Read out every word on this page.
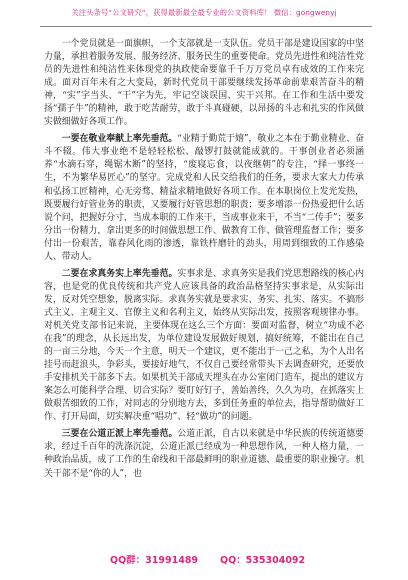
关注头条号“公文研究”，获得最新最全最专业的公文资料库！ 微信：gongwenyj

一个党员就是一面旗帜，一个支部就是一支队伍。党员干部是建设国家的中坚力量，承担着服务发展、服务经济、服务民生的重要使命。党员先进性和纯洁性党员的先进性和纯洁性来体现党的执政使命要靠千千万万党员卓有成效的工作来完成。面对百年未有之大变局，新时代党员干部要继续发扬革命前辈艰苦奋斗的精神，“实”字当头、“干”字为先，牢记空谈误国、实干兴邦。在工作和生活中要发扬“孺子牛”的精神，敢于吃苦耐劳，敢于斗真碰硬，以昂扬的斗志和扎实的作风做实做细做好各项工作。

一要在敬业奉献上率先垂范。“业精于勤荒于嬉”，敬业之本在于勤业精业、奋斗不辍。伟大事业绝不是轻轻松松、敲锣打鼓就能成就的。干事创业者必须涵养“水滴石穿，绳锯木断”的坚持，“废寝忘食，以夜继朝”的专注，“择一事终一生，不为繁华易匠心”的坚守。完成党和人民交给我们的任务，要求大家大力传承和弘扬工匠精神，心无旁骛、精益求精地做好各项工作。在本职岗位上发光发热，既要履行好管业务的职责，又要履行好管思想的职责；要多增添一份热爱把什么话说个问，把握好分寸，当成本职的工作来干，当成事业来干，不当“二传手”；要多分出一份精力，拿出更多的时间做思想工作、做教育工作、做管理监督工作；要多付出一份艰苦，靠春风化雨的渗透，靠铁杵磨针的劲头，用周到细致的工作感染人、带动人。

二要在求真务实上率先垂范。实事求是、求真务实是我们党思想路线的核心内容，也是党的优良传统和共产党人应该具备的政治品格坚持实事求是，从实际出发，反对凭空想象，脱离实际。求真务实就是要求实、务实、扎实、落实。不搞形式主义、主观主义、官僚主义和名利主义，始终从实际出发，按照客观规律办事。对机关党支部书记来说，主要体现在这么三个方面：要面对监督，树立“功成不必在我”的理念，从长远出发，为单位建设发展做好规划，搞好统筹，不能出在自己的一亩三分地，今天一个主意，明天一个建议，更不能出于一己之私，为个人出名挂号而赶浪头，争彩头，要接好地气，不仅自己要经常带头下去调查研究，还要放手安排机关干部多下去。如果机关干部成天埋头在办公室闭门造车，提出的建议方案怎么可能科学合理、切合实际？要盯好钉子，善始善终，久久为功，在抓落实上做艰苦细致的工作，对同志的分别地方去，多到任务重的单位去，指导帮助做好工作、打开局面，切实解决重“唱功”、轻“做功”的问题。

三要在公道正派上率先垂范。公道正派，自古以来就是中华民族的传统道德要求，经过千百年的洗涤沉淀，公道正派已经成为一种思想作风，一种人格力量，一种政治品质，成了工作的生命线和干部最鲜明的职业道德、最重要的职业操守。机关干部不是“你的人”，也

QQ群：31991489 QQ：535304092
